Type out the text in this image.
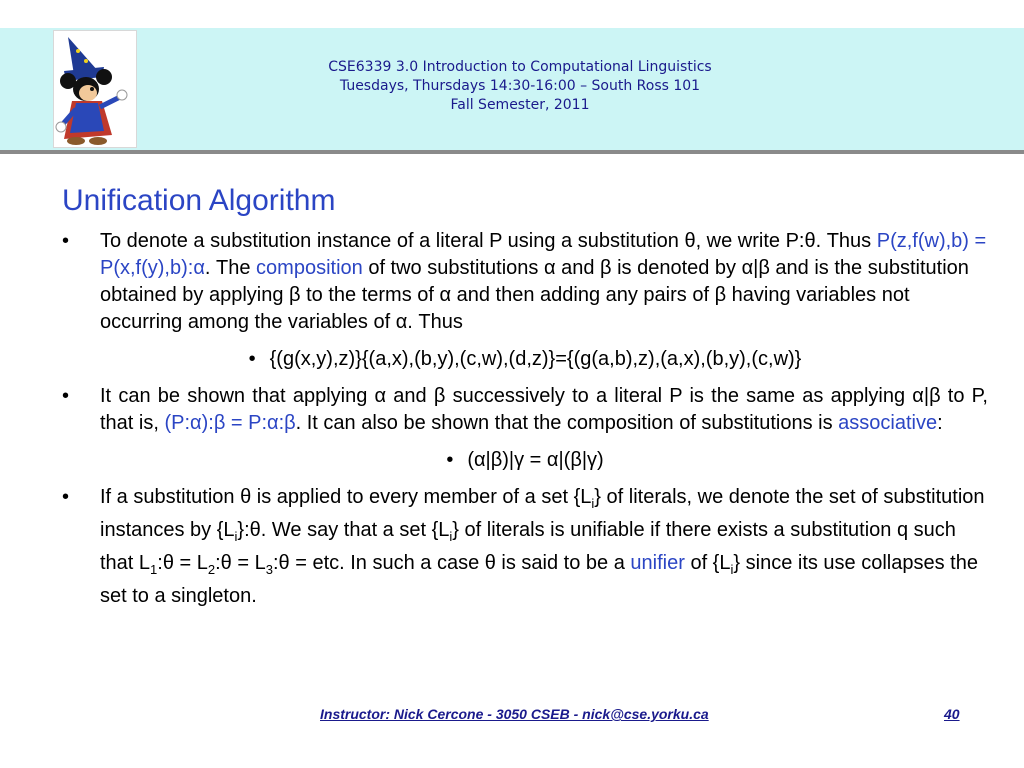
CSE6339 3.0 Introduction to Computational Linguistics
Tuesdays, Thursdays 14:30-16:00 – South Ross 101
Fall Semester, 2011
Unification Algorithm
• To denote a substitution instance of a literal P using a substitution θ, we write P:θ. Thus P(z,f(w),b) = P(x,f(y),b):α. The composition of two substitutions α and β is denoted by α|β and is the substitution obtained by applying β to the terms of α and then adding any pairs of β having variables not occurring among the variables of α. Thus
• {(g(x,y),z)}{(a,x),(b,y),(c,w),(d,z)}={(g(a,b),z),(a,x),(b,y),(c,w)}
• It can be shown that applying α and β successively to a literal P is the same as applying α|β to P, that is, (P:α):β = P:α:β. It can also be shown that the composition of substitutions is associative:
• (α|β)|γ = α|(β|γ)
• If a substitution θ is applied to every member of a set $\{L_i\}$ of literals, we denote the set of substitution instances by $\{L_i\}:\theta$. We say that a set $\{L_i\}$ of literals is unifiable if there exists a substitution q such that $L_1:\theta$ = $L_2:\theta$ = $L_3:\theta$ = etc. In such a case θ is said to be a unifier of $\{L_i\}$ since its use collapses the set to a singleton.
Instructor: Nick Cercone - 3050 CSEB - nick@cse.yorku.ca	40
